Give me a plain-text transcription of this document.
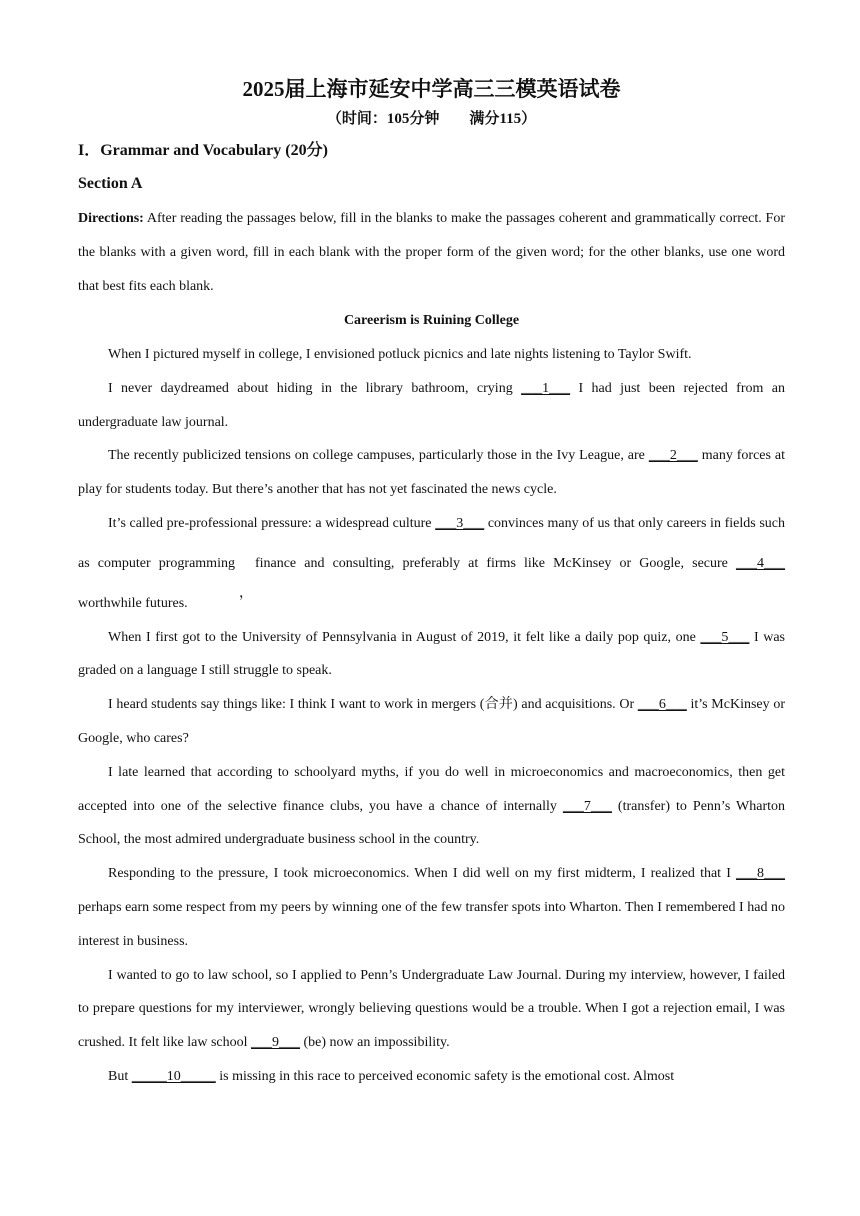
2025届上海市延安中学高三三模英语试卷

（时间：105分钟        满分115）

I．Grammar and Vocabulary (20分)

Section A

Directions: After reading the passages below, fill in the blanks to make the passages coherent and grammatically correct. For the blanks with a given word, fill in each blank with the proper form of the given word; for the other blanks, use one word that best fits each blank.

Careerism is Ruining College

When I pictured myself in college, I envisioned potluck picnics and late nights listening to Taylor Swift.

I never daydreamed about hiding in the library bathroom, crying ___1___ I had just been rejected from an undergraduate law journal.

The recently publicized tensions on college campuses, particularly those in the Ivy League, are ___2___ many forces at play for students today. But there’s another that has not yet fascinated the news cycle.

It’s called pre-professional pressure: a widespread culture ___3___ convinces many of us that only careers in fields such as computer programming
，
finance and consulting, preferably at firms like McKinsey or Google, secure ___4___ worthwhile futures.

When I first got to the University of Pennsylvania in August of 2019, it felt like a daily pop quiz, one ___5___ I was graded on a language I still struggle to speak.

I heard students say things like: I think I want to work in mergers (合并) and acquisitions. Or ___6___ it’s McKinsey or Google, who cares?

I late learned that according to schoolyard myths, if you do well in microeconomics and macroeconomics, then get accepted into one of the selective finance clubs, you have a chance of internally ___7___ (transfer) to Penn’s Wharton School, the most admired undergraduate business school in the country.

Responding to the pressure, I took microeconomics. When I did well on my first midterm, I realized that I ___8___ perhaps earn some respect from my peers by winning one of the few transfer spots into Wharton. Then I remembered I had no interest in business.

I wanted to go to law school, so I applied to Penn’s Undergraduate Law Journal. During my interview, however, I failed to prepare questions for my interviewer, wrongly believing questions would be a trouble. When I got a rejection email, I was crushed. It felt like law school ___9___ (be) now an impossibility.

But _____10_____ is missing in this race to perceived economic safety is the emotional cost. Almost
